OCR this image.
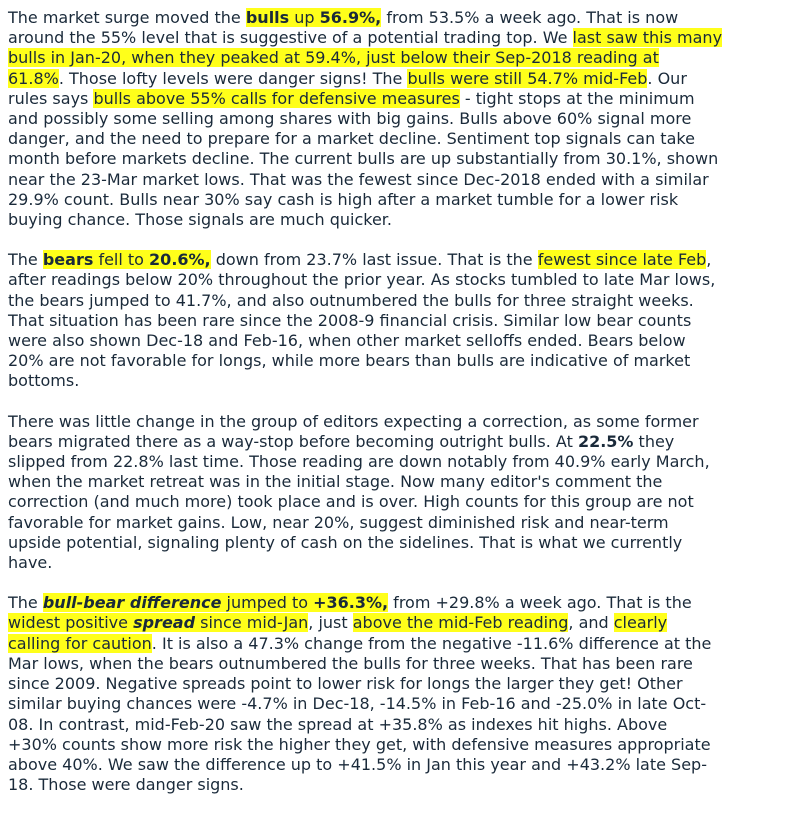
The market surge moved the bulls up 56.9%, from 53.5% a week ago. That is now
around the 55% level that is suggestive of a potential trading top. We last saw this many
bulls in Jan-20, when they peaked at 59.4%, just below their Sep-2018 reading at
61.8%. Those lofty levels were danger signs! The bulls were still 54.7% mid-Feb. Our
rules says bulls above 55% calls for defensive measures - tight stops at the minimum
and possibly some selling among shares with big gains. Bulls above 60% signal more
danger, and the need to prepare for a market decline. Sentiment top signals can take
month before markets decline. The current bulls are up substantially from 30.1%, shown
near the 23-Mar market lows. That was the fewest since Dec-2018 ended with a similar
29.9% count. Bulls near 30% say cash is high after a market tumble for a lower risk
buying chance. Those signals are much quicker.

The bears fell to 20.6%, down from 23.7% last issue. That is the fewest since late Feb,
after readings below 20% throughout the prior year. As stocks tumbled to late Mar lows,
the bears jumped to 41.7%, and also outnumbered the bulls for three straight weeks.
That situation has been rare since the 2008-9 financial crisis. Similar low bear counts
were also shown Dec-18 and Feb-16, when other market selloffs ended. Bears below
20% are not favorable for longs, while more bears than bulls are indicative of market
bottoms.

There was little change in the group of editors expecting a correction, as some former
bears migrated there as a way-stop before becoming outright bulls. At 22.5% they
slipped from 22.8% last time. Those reading are down notably from 40.9% early March,
when the market retreat was in the initial stage. Now many editor's comment the
correction (and much more) took place and is over. High counts for this group are not
favorable for market gains. Low, near 20%, suggest diminished risk and near-term
upside potential, signaling plenty of cash on the sidelines. That is what we currently
have.

The bull-bear difference jumped to +36.3%, from +29.8% a week ago. That is the
widest positive spread since mid-Jan, just above the mid-Feb reading, and clearly
calling for caution. It is also a 47.3% change from the negative -11.6% difference at the
Mar lows, when the bears outnumbered the bulls for three weeks. That has been rare
since 2009. Negative spreads point to lower risk for longs the larger they get! Other
similar buying chances were -4.7% in Dec-18, -14.5% in Feb-16 and -25.0% in late Oct-
08. In contrast, mid-Feb-20 saw the spread at +35.8% as indexes hit highs. Above
+30% counts show more risk the higher they get, with defensive measures appropriate
above 40%. We saw the difference up to +41.5% in Jan this year and +43.2% late Sep-
18. Those were danger signs.
